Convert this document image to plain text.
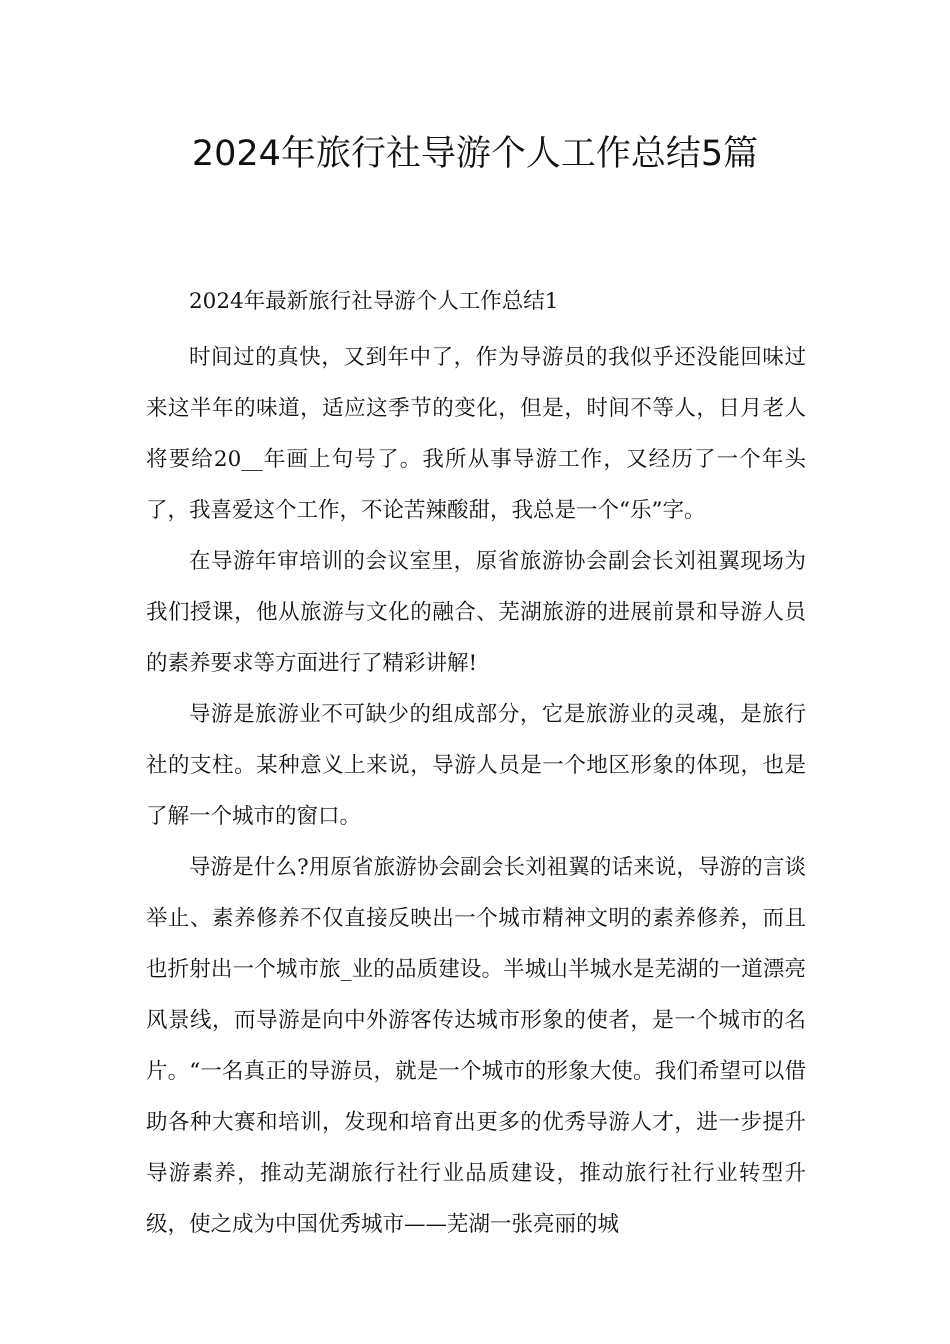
2024年旅行社导游个人工作总结5篇

2024年最新旅行社导游个人工作总结1

时间过的真快，又到年中了，作为导游员的我似乎还没能回味过来这半年的味道，适应这季节的变化，但是，时间不等人，日月老人将要给20__年画上句号了。我所从事导游工作，又经历了一个年头了，我喜爱这个工作，不论苦辣酸甜，我总是一个“乐”字。

在导游年审培训的会议室里，原省旅游协会副会长刘祖翼现场为我们授课，他从旅游与文化的融合、芜湖旅游的进展前景和导游人员的素养要求等方面进行了精彩讲解!

导游是旅游业不可缺少的组成部分，它是旅游业的灵魂，是旅行社的支柱。某种意义上来说，导游人员是一个地区形象的体现，也是了解一个城市的窗口。

导游是什么?用原省旅游协会副会长刘祖翼的话来说，导游的言谈举止、素养修养不仅直接反映出一个城市精神文明的素养修养，而且也折射出一个城市旅_业的品质建设。半城山半城水是芜湖的一道漂亮风景线，而导游是向中外游客传达城市形象的使者，是一个城市的名片。“一名真正的导游员，就是一个城市的形象大使。我们希望可以借助各种大赛和培训，发现和培育出更多的优秀导游人才，进一步提升导游素养，推动芜湖旅行社行业品质建设，推动旅行社行业转型升级，使之成为中国优秀城市——芜湖一张亮丽的城
